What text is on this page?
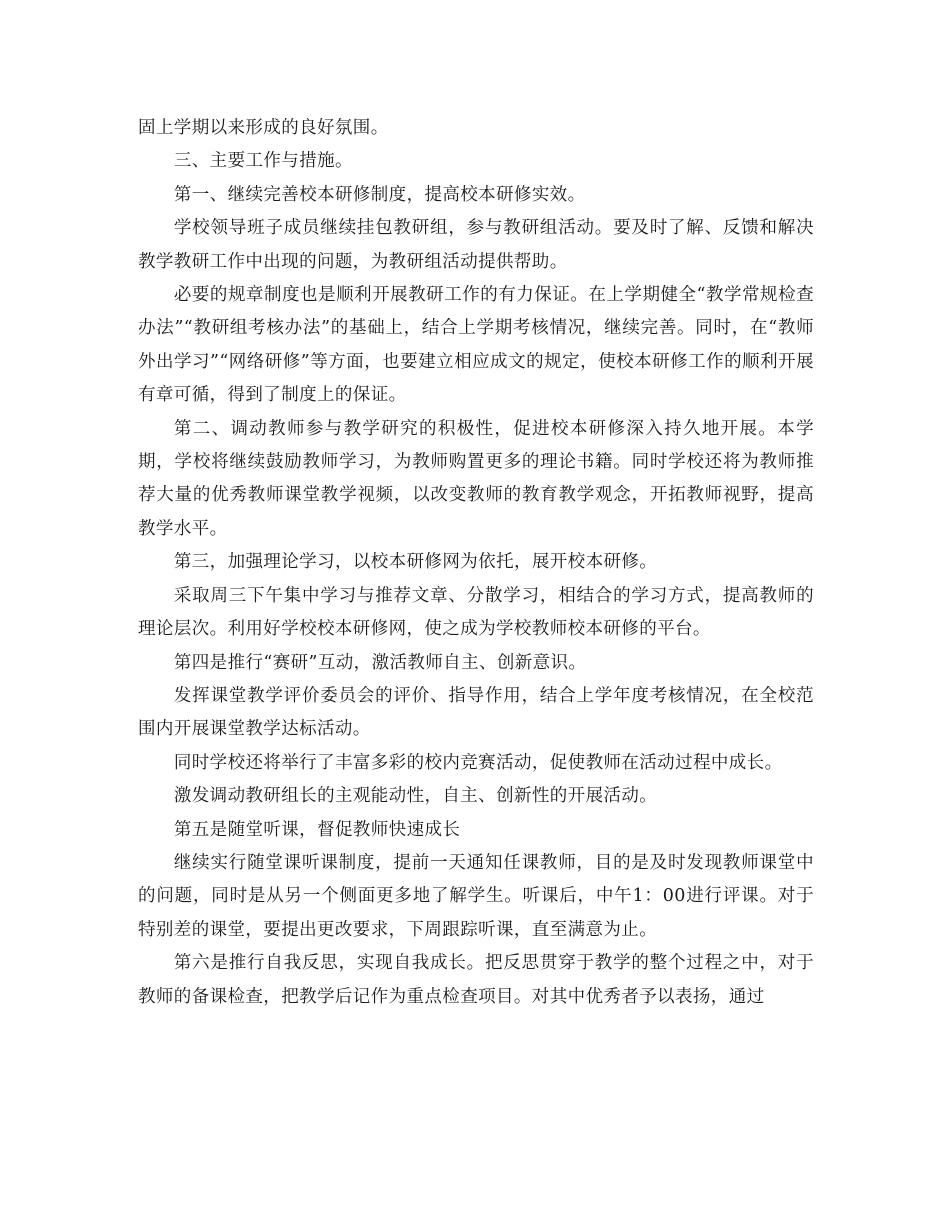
固上学期以来形成的良好氛围。

三、主要工作与措施。

第一、继续完善校本研修制度，提高校本研修实效。

学校领导班子成员继续挂包教研组，参与教研组活动。要及时了解、反馈和解决教学教研工作中出现的问题，为教研组活动提供帮助。

必要的规章制度也是顺利开展教研工作的有力保证。在上学期健全“教学常规检查办法”“教研组考核办法”的基础上，结合上学期考核情况，继续完善。同时，在“教师外出学习”“网络研修”等方面，也要建立相应成文的规定，使校本研修工作的顺利开展有章可循，得到了制度上的保证。

第二、调动教师参与教学研究的积极性，促进校本研修深入持久地开展。本学期，学校将继续鼓励教师学习，为教师购置更多的理论书籍。同时学校还将为教师推荐大量的优秀教师课堂教学视频，以改变教师的教育教学观念，开拓教师视野，提高教学水平。

第三，加强理论学习，以校本研修网为依托，展开校本研修。

采取周三下午集中学习与推荐文章、分散学习，相结合的学习方式，提高教师的理论层次。利用好学校校本研修网，使之成为学校教师校本研修的平台。

第四是推行“赛研”互动，激活教师自主、创新意识。

发挥课堂教学评价委员会的评价、指导作用，结合上学年度考核情况，在全校范围内开展课堂教学达标活动。

同时学校还将举行了丰富多彩的校内竞赛活动，促使教师在活动过程中成长。

激发调动教研组长的主观能动性，自主、创新性的开展活动。

第五是随堂听课，督促教师快速成长

继续实行随堂课听课制度，提前一天通知任课教师，目的是及时发现教师课堂中的问题，同时是从另一个侧面更多地了解学生。听课后，中午1：00进行评课。对于特别差的课堂，要提出更改要求，下周跟踪听课，直至满意为止。

第六是推行自我反思，实现自我成长。把反思贯穿于教学的整个过程之中，对于教师的备课检查，把教学后记作为重点检查项目。对其中优秀者予以表扬，通过
